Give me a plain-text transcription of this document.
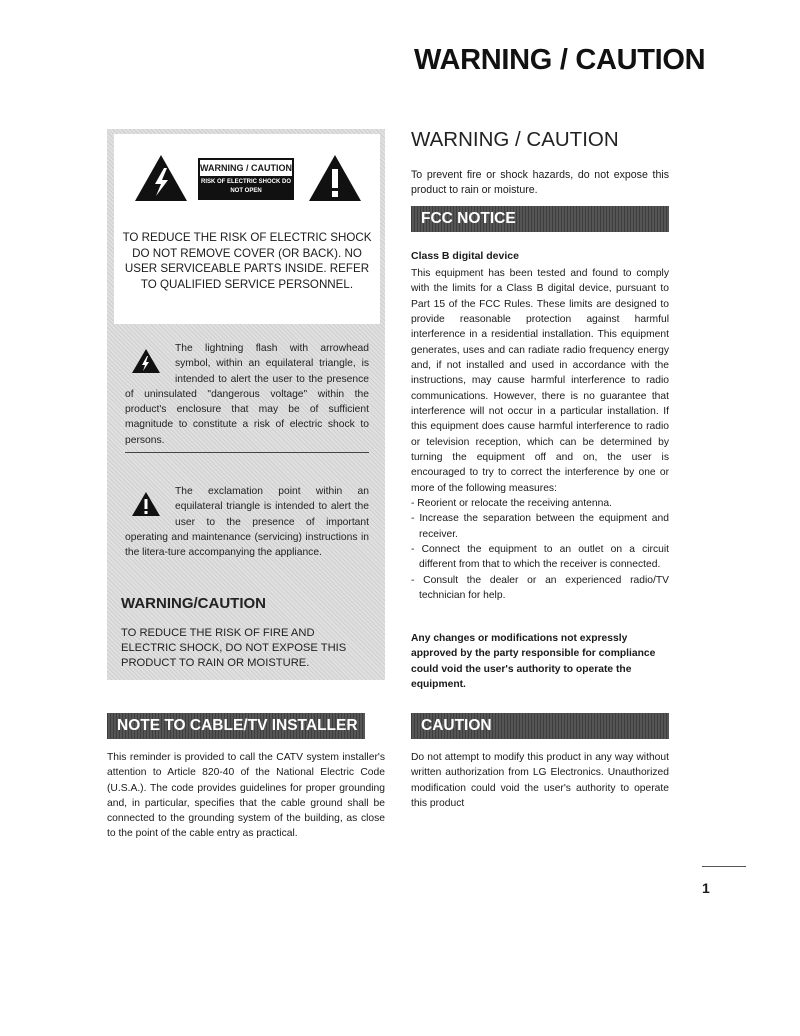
WARNING / CAUTION
WARNING / CAUTION
RISK OF ELECTRIC SHOCK DO NOT OPEN
TO REDUCE THE RISK OF ELECTRIC SHOCK DO NOT REMOVE COVER (OR BACK). NO USER SERVICEABLE PARTS INSIDE. REFER TO QUALIFIED SERVICE PERSONNEL.
The lightning flash with arrowhead symbol, within an equilateral triangle, is intended to alert the user to the presence of uninsulated "dangerous voltage" within the product's enclosure that may be of sufficient magnitude to constitute a risk of electric shock to persons.
The exclamation point within an equilateral triangle is intended to alert the user to the presence of important operating and maintenance (servicing) instructions in the litera-ture accompanying the appliance.
WARNING/CAUTION
TO REDUCE THE RISK OF FIRE AND ELECTRIC SHOCK, DO NOT EXPOSE THIS PRODUCT TO RAIN OR MOISTURE.
WARNING / CAUTION
To prevent fire or shock hazards, do not expose this product to rain or moisture.
FCC NOTICE
Class B digital device
This equipment has been tested and found to comply with the limits for a Class B digital device, pursuant to Part 15 of the FCC Rules. These limits are designed to provide reasonable protection against harmful interference in a residential installation. This equipment generates, uses and can radiate radio frequency energy and, if not installed and used in accordance with the instructions, may cause harmful interference to radio communications. However, there is no guarantee that interference will not occur in a particular installation. If this equipment does cause harmful interference to radio or television reception, which can be determined by turning the equipment off and on, the user is encouraged to try to correct the interference by one or more of the following measures:
- Reorient or relocate the receiving antenna.
- Increase the separation between the equipment and receiver.
- Connect the equipment to an outlet on a circuit different from that to which the receiver is connected.
- Consult the dealer or an experienced radio/TV technician for help.
Any changes or modifications not expressly approved by the party responsible for compliance could void the user's authority to operate the equipment.
CAUTION
Do not attempt to modify this product in any way without written authorization from LG Electronics. Unauthorized modification could void the user's authority to operate this product
NOTE TO CABLE/TV INSTALLER
This reminder is provided to call the CATV system installer's attention to Article 820-40 of the National Electric Code (U.S.A.). The code provides guidelines for proper grounding and, in particular, specifies that the cable ground shall be connected to the grounding system of the building, as close to the point of the cable entry as practical.
1
